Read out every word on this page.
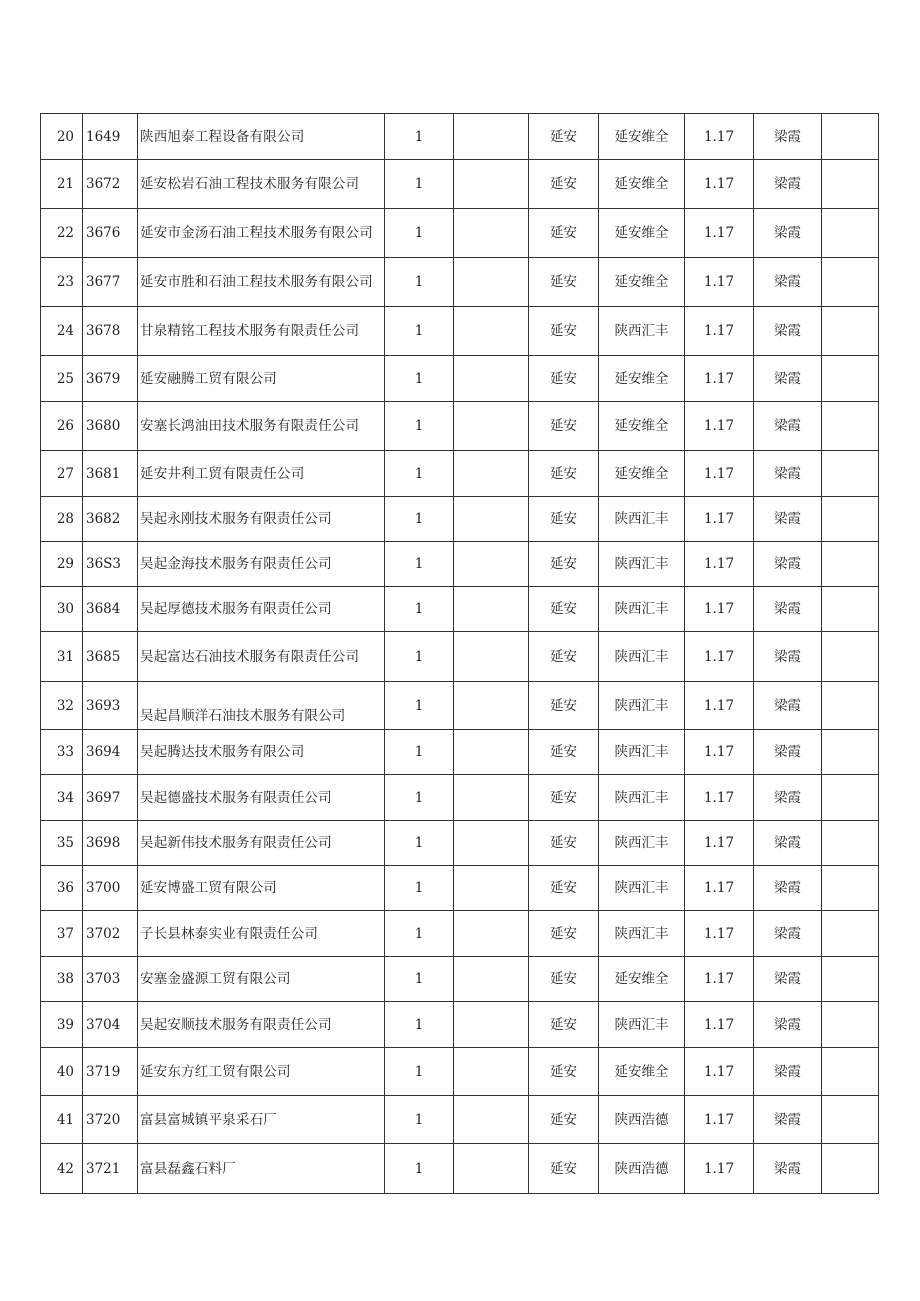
20	1649	陕西旭泰工程设备有限公司	1		延安	延安维全	1.17	梁霞	
21	3672	延安松岩石油工程技术服务有限公司	1		延安	延安维全	1.17	梁霞	
22	3676	延安市金汤石油工程技术服务有限公司	1		延安	延安维全	1.17	梁霞	
23	3677	延安市胜和石油工程技术服务有限公司	1		延安	延安维全	1.17	梁霞	
24	3678	甘泉精铭工程技术服务有限责任公司	1		延安	陕西汇丰	1.17	梁霞	
25	3679	延安融腾工贸有限公司	1		延安	延安维全	1.17	梁霞	
26	3680	安塞长鸿油田技术服务有限责任公司	1		延安	延安维全	1.17	梁霞	
27	3681	延安井利工贸有限责任公司	1		延安	延安维全	1.17	梁霞	
28	3682	吴起永刚技术服务有限责任公司	1		延安	陕西汇丰	1.17	梁霞	
29	36S3	吴起金海技术服务有限责任公司	1		延安	陕西汇丰	1.17	梁霞	
30	3684	吴起厚德技术服务有限责任公司	1		延安	陕西汇丰	1.17	梁霞	
31	3685	吴起富达石油技术服务有限责任公司	1		延安	陕西汇丰	1.17	梁霞	
32	3693	吴起昌顺洋石油技术服务有限公司	1		延安	陕西汇丰	1.17	梁霞	
33	3694	吴起腾达技术服务有限公司	1		延安	陕西汇丰	1.17	梁霞	
34	3697	吴起德盛技术服务有限责任公司	1		延安	陕西汇丰	1.17	梁霞	
35	3698	吴起新伟技术服务有限责任公司	1		延安	陕西汇丰	1.17	梁霞	
36	3700	延安博盛工贸有限公司	1		延安	陕西汇丰	1.17	梁霞	
37	3702	子长县林泰实业有限责任公司	1		延安	陕西汇丰	1.17	梁霞	
38	3703	安塞金盛源工贸有限公司	1		延安	延安维全	1.17	梁霞	
39	3704	吴起安顺技术服务有限责任公司	1		延安	陕西汇丰	1.17	梁霞	
40	3719	延安东方红工贸有限公司	1		延安	延安维全	1.17	梁霞	
41	3720	富县富城镇平泉采石厂	1		延安	陕西浩德	1.17	梁霞	
42	3721	富县磊鑫石料厂	1		延安	陕西浩德	1.17	梁霞	
